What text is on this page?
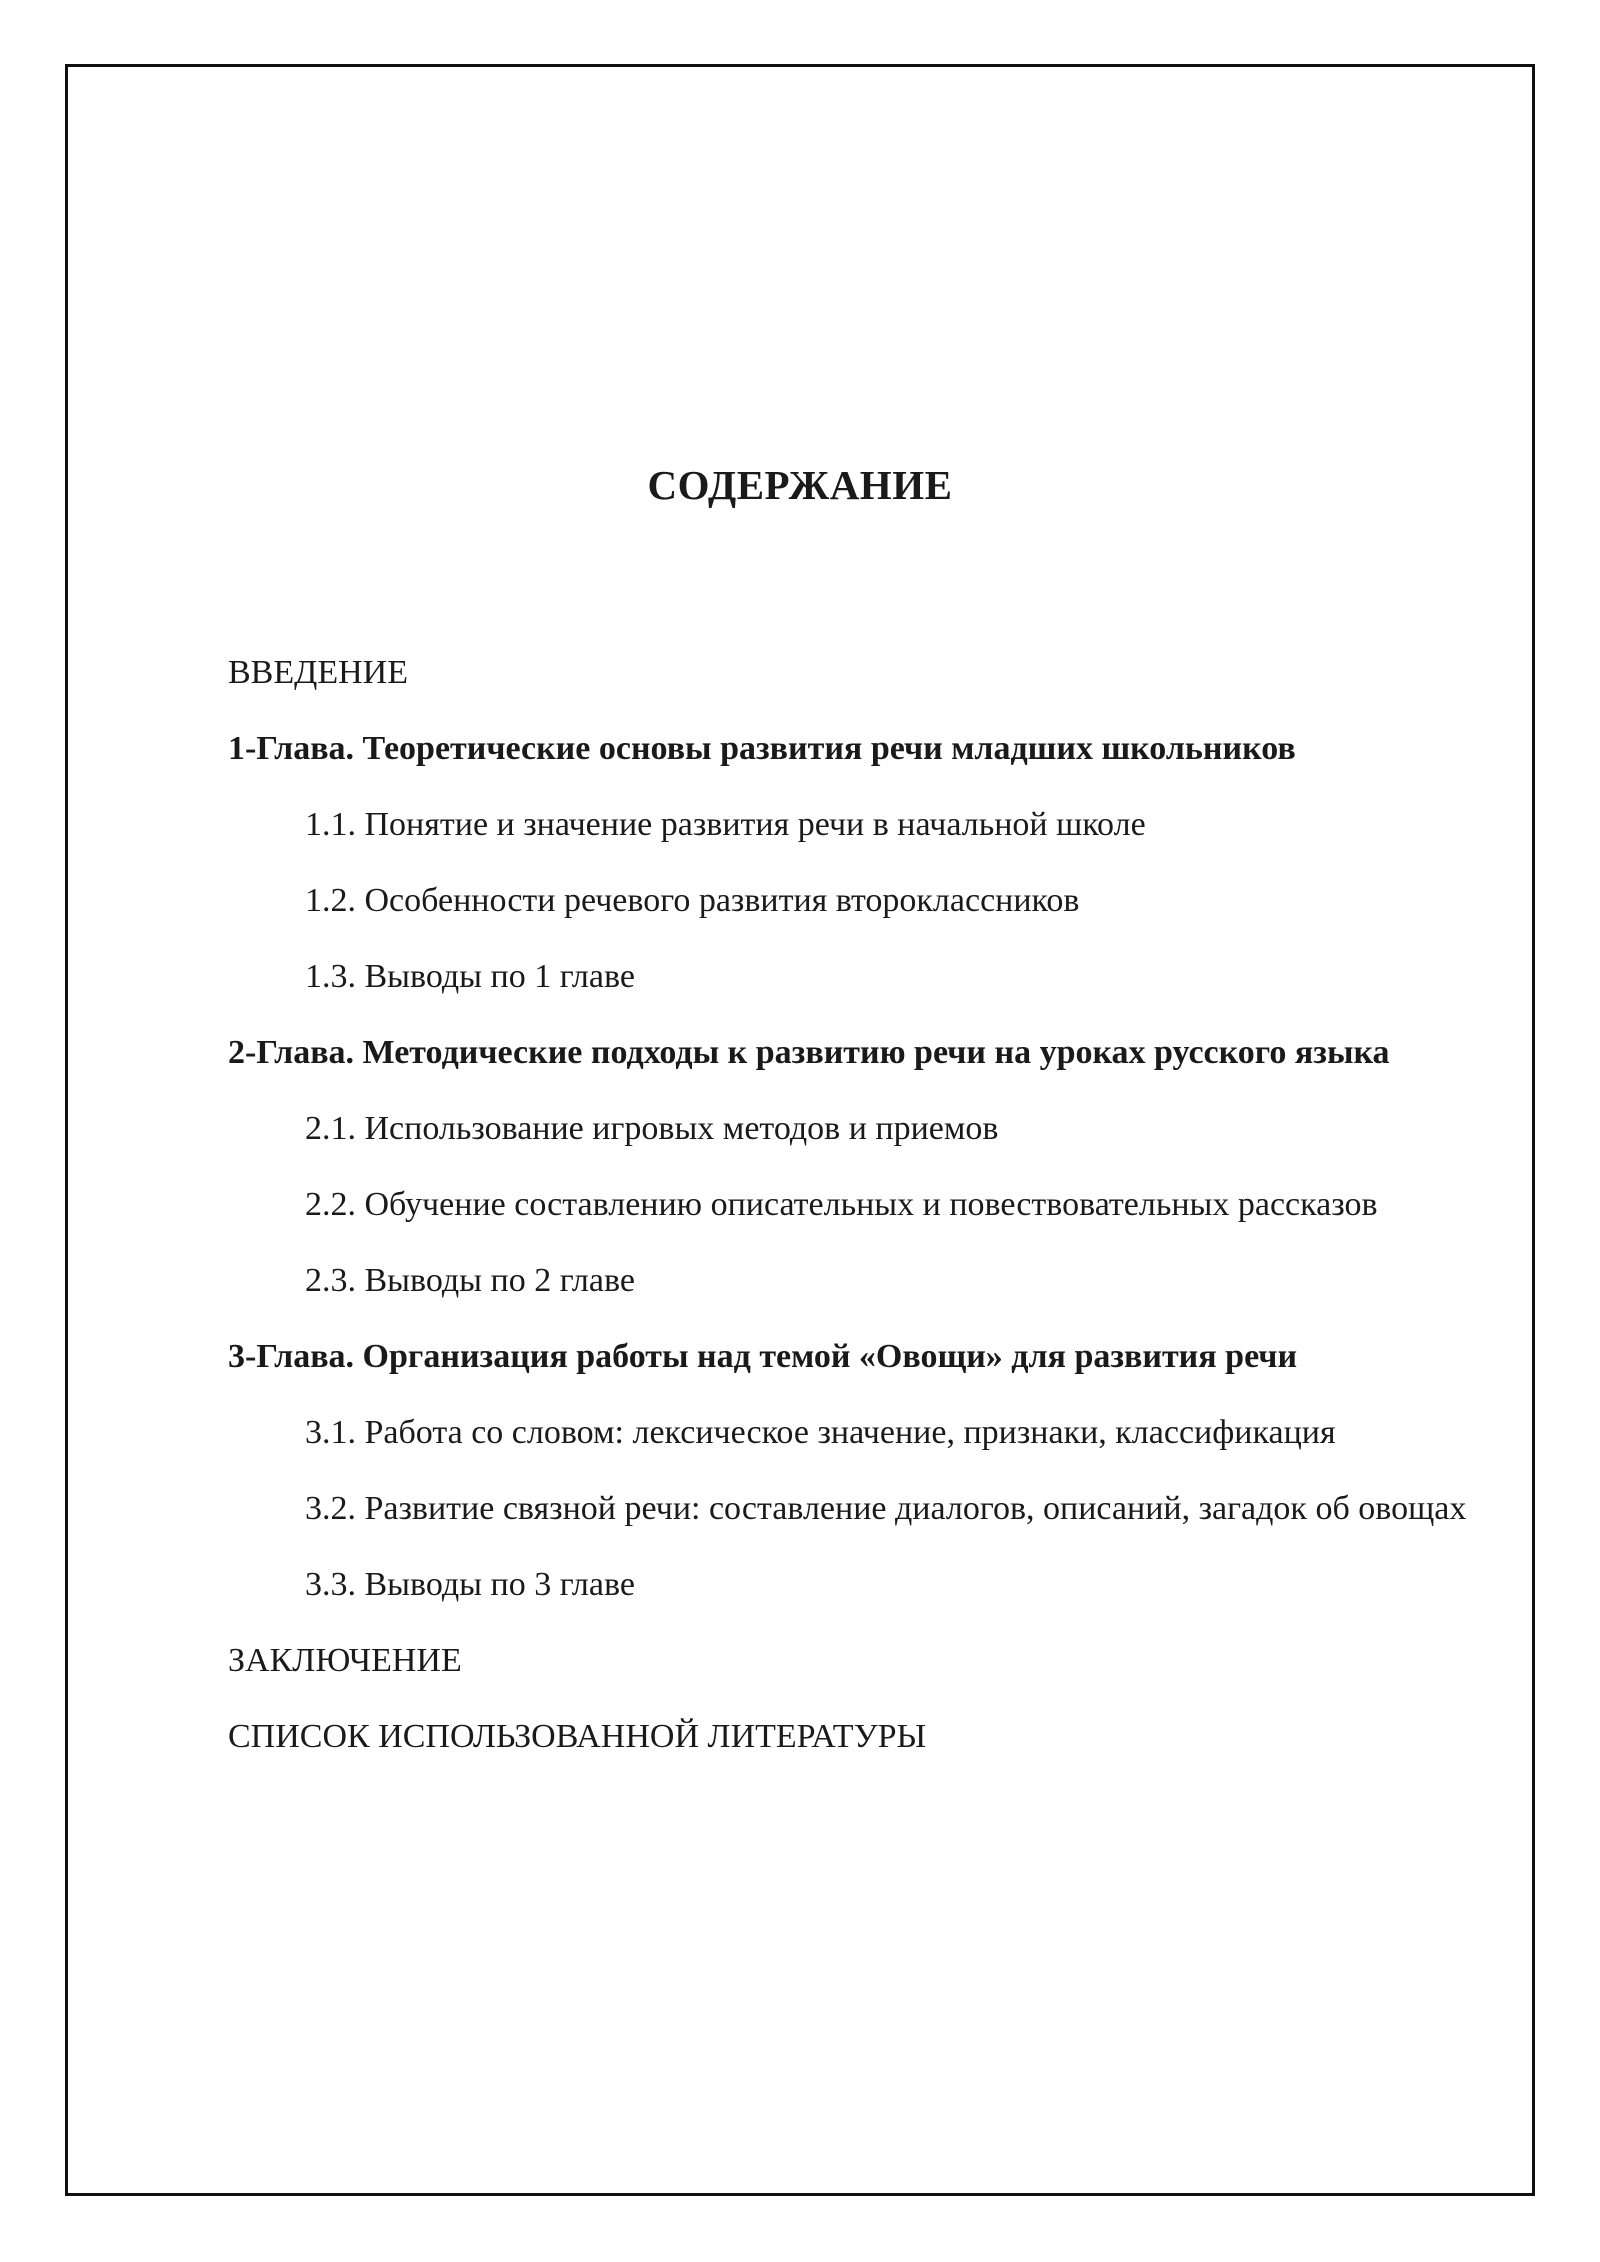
СОДЕРЖАНИЕ

ВВЕДЕНИЕ

1-Глава. Теоретические основы развития речи младших школьников

1.1. Понятие и значение развития речи в начальной школе

1.2. Особенности речевого развития второклассников

1.3. Выводы по 1 главе

2-Глава. Методические подходы к развитию речи на уроках русского языка

2.1. Использование игровых методов и приемов

2.2. Обучение составлению описательных и повествовательных рассказов

2.3. Выводы по 2 главе

3-Глава. Организация работы над темой «Овощи» для развития речи

3.1. Работа со словом: лексическое значение, признаки, классификация

3.2. Развитие связной речи: составление диалогов, описаний, загадок об овощах

3.3. Выводы по 3 главе

ЗАКЛЮЧЕНИЕ

СПИСОК ИСПОЛЬЗОВАННОЙ ЛИТЕРАТУРЫ
